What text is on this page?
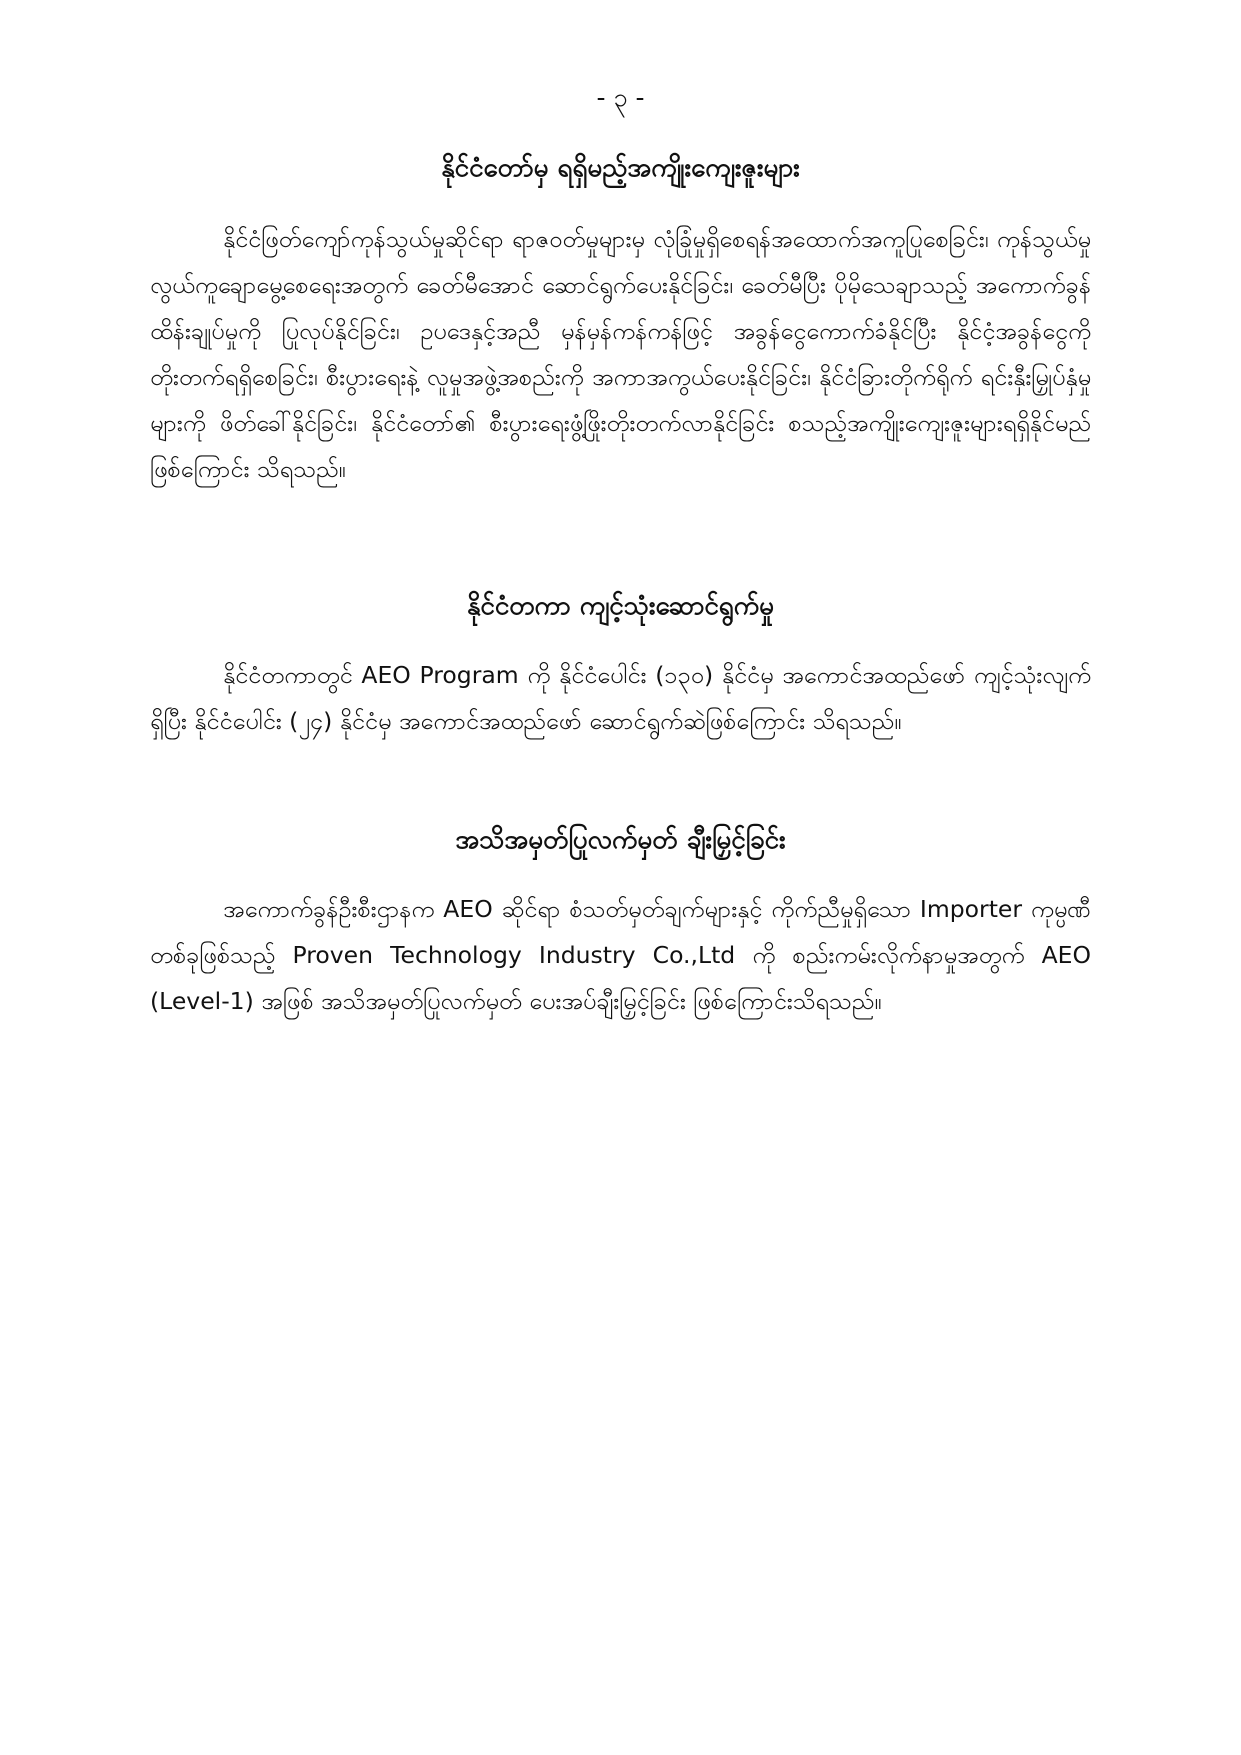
- ၃ -
နိုင်ငံတော်မှ ရရှိမည့်အကျိုးကျေးဇူးများ

နိုင်ငံဖြတ်ကျော်ကုန်သွယ်မှုဆိုင်ရာ ရာဇဝတ်မှုများမှ လုံခြုံမှုရှိစေရန်အထောက်အကူပြုစေခြင်း၊ ကုန်သွယ်မှုလွယ်ကူချောမွေ့စေရေးအတွက် ခေတ်မီအောင် ဆောင်ရွက်ပေးနိုင်ခြင်း၊ ခေတ်မီပြီး ပိုမိုသေချာသည့် အကောက်ခွန်ထိန်းချုပ်မှုကို ပြုလုပ်နိုင်ခြင်း၊ ဥပဒေနှင့်အညီ မှန်မှန်ကန်ကန်ဖြင့် အခွန်ငွေကောက်ခံနိုင်ပြီး နိုင်ငံ့အခွန်ငွေကို တိုးတက်ရရှိစေခြင်း၊ စီးပွားရေးနဲ့ လူမှုအဖွဲ့အစည်းကို အကာအကွယ်ပေးနိုင်ခြင်း၊ နိုင်ငံခြားတိုက်ရိုက် ရင်းနှီးမြှုပ်နှံမှုများကို ဖိတ်ခေါ်နိုင်ခြင်း၊ နိုင်ငံတော်၏ စီးပွားရေးဖွံ့ဖြိုးတိုးတက်လာနိုင်ခြင်း စသည့်အကျိုးကျေးဇူးများရရှိနိုင်မည်ဖြစ်ကြောင်း သိရသည်။

နိုင်ငံတကာ ကျင့်သုံးဆောင်ရွက်မှု

နိုင်ငံတကာတွင် AEO Program ကို နိုင်ငံပေါင်း (၁၃၀) နိုင်ငံမှ အကောင်အထည်ဖော် ကျင့်သုံးလျက်ရှိပြီး နိုင်ငံပေါင်း (၂၄) နိုင်ငံမှ အကောင်အထည်ဖော် ဆောင်ရွက်ဆဲဖြစ်ကြောင်း သိရသည်။

အသိအမှတ်ပြုလက်မှတ် ချီးမြှင့်ခြင်း

အကောက်ခွန်ဦးစီးဌာနက AEO ဆိုင်ရာ စံသတ်မှတ်ချက်များနှင့် ကိုက်ညီမှုရှိသော Importer ကုမ္ပဏီတစ်ခုဖြစ်သည့် Proven Technology Industry Co.,Ltd ကို စည်းကမ်းလိုက်နာမှုအတွက် AEO (Level-1) အဖြစ် အသိအမှတ်ပြုလက်မှတ် ပေးအပ်ချီးမြှင့်ခြင်း ဖြစ်ကြောင်းသိရသည်။
